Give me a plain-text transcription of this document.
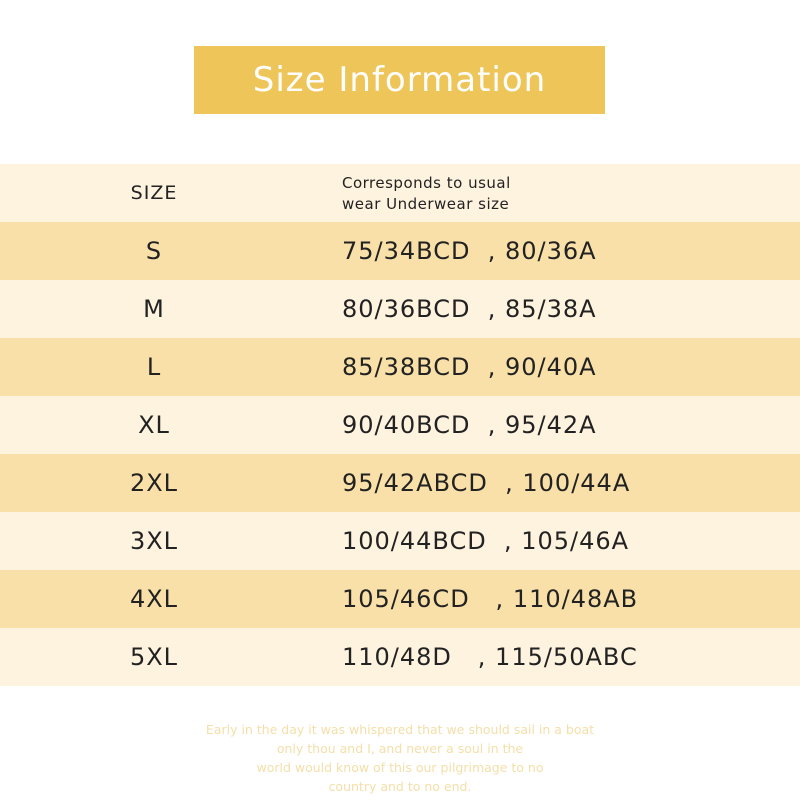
Size Information
SIZE	Corresponds to usual
wear Underwear size
S	75/34BCD  , 80/36A
M	80/36BCD  , 85/38A
L	85/38BCD  , 90/40A
XL	90/40BCD  , 95/42A
2XL	95/42ABCD  , 100/44A
3XL	100/44BCD  , 105/46A
4XL	105/46CD   , 110/48AB
5XL	110/48D   , 115/50ABC
Early in the day it was whispered that we should sail in a boat
only thou and I, and never a soul in the
world would know of this our pilgrimage to no
country and to no end.
